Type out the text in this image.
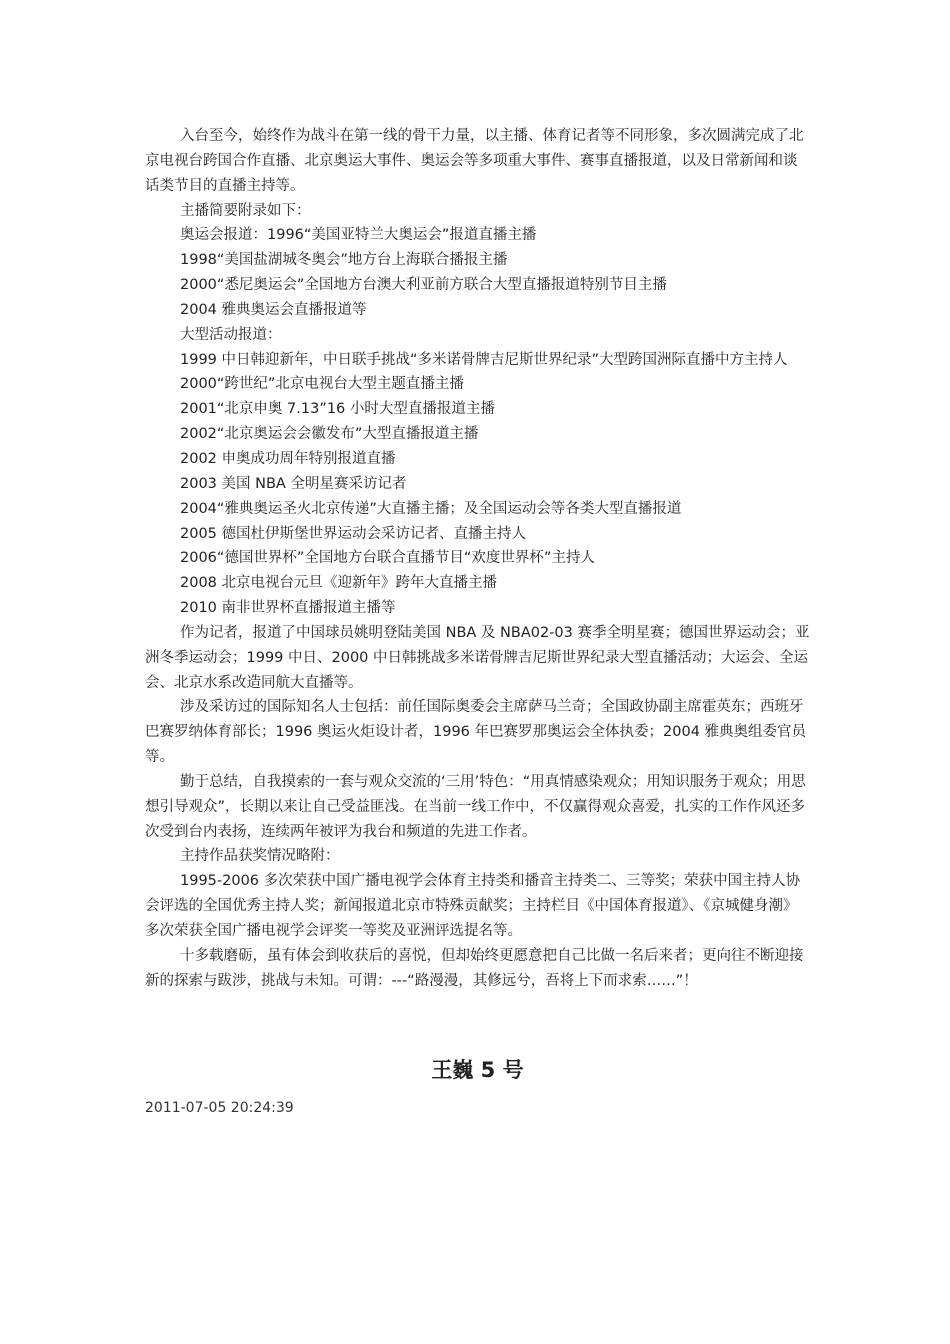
入台至今，始终作为战斗在第一线的骨干力量，以主播、体育记者等不同形象，多次圆满完成了北京电视台跨国合作直播、北京奥运大事件、奥运会等多项重大事件、赛事直播报道，以及日常新闻和谈话类节目的直播主持等。

主播简要附录如下：

奥运会报道：1996“美国亚特兰大奥运会”报道直播主播

1998“美国盐湖城冬奥会”地方台上海联合播报主播

2000“悉尼奥运会”全国地方台澳大利亚前方联合大型直播报道特别节目主播

2004 雅典奥运会直播报道等

大型活动报道：

1999 中日韩迎新年，中日联手挑战“多米诺骨牌吉尼斯世界纪录”大型跨国洲际直播中方主持人

2000“跨世纪”北京电视台大型主题直播主播

2001“北京申奥 7.13”16 小时大型直播报道主播

2002“北京奥运会会徽发布”大型直播报道主播

2002 申奥成功周年特别报道直播

2003 美国 NBA 全明星赛采访记者

2004“雅典奥运圣火北京传递”大直播主播；及全国运动会等各类大型直播报道

2005 德国杜伊斯堡世界运动会采访记者、直播主持人

2006“德国世界杯”全国地方台联合直播节目“欢度世界杯”主持人

2008 北京电视台元旦《迎新年》跨年大直播主播

2010 南非世界杯直播报道主播等

作为记者，报道了中国球员姚明登陆美国 NBA 及 NBA02-03 赛季全明星赛；德国世界运动会；亚洲冬季运动会；1999 中日、2000 中日韩挑战多米诺骨牌吉尼斯世界纪录大型直播活动；大运会、全运会、北京水系改造同航大直播等。

涉及采访过的国际知名人士包括：前任国际奥委会主席萨马兰奇；全国政协副主席霍英东；西班牙巴赛罗纳体育部长；1996 奥运火炬设计者，1996 年巴赛罗那奥运会全体执委；2004 雅典奥组委官员等。

勤于总结，自我摸索的一套与观众交流的‘三用’特色：“用真情感染观众；用知识服务于观众；用思想引导观众”，长期以来让自己受益匪浅。在当前一线工作中，不仅赢得观众喜爱，扎实的工作作风还多次受到台内表扬，连续两年被评为我台和频道的先进工作者。

主持作品获奖情况略附：

1995-2006 多次荣获中国广播电视学会体育主持类和播音主持类二、三等奖；荣获中国主持人协会评选的全国优秀主持人奖；新闻报道北京市特殊贡献奖；主持栏目《中国体育报道》、《京城健身潮》多次荣获全国广播电视学会评奖一等奖及亚洲评选提名等。

十多载磨砺，虽有体会到收获后的喜悦，但却始终更愿意把自己比做一名后来者；更向往不断迎接新的探索与跋涉，挑战与未知。可谓：---“路漫漫，其修远兮，吾将上下而求索……”！

王巍 5 号
2011-07-05 20:24:39
